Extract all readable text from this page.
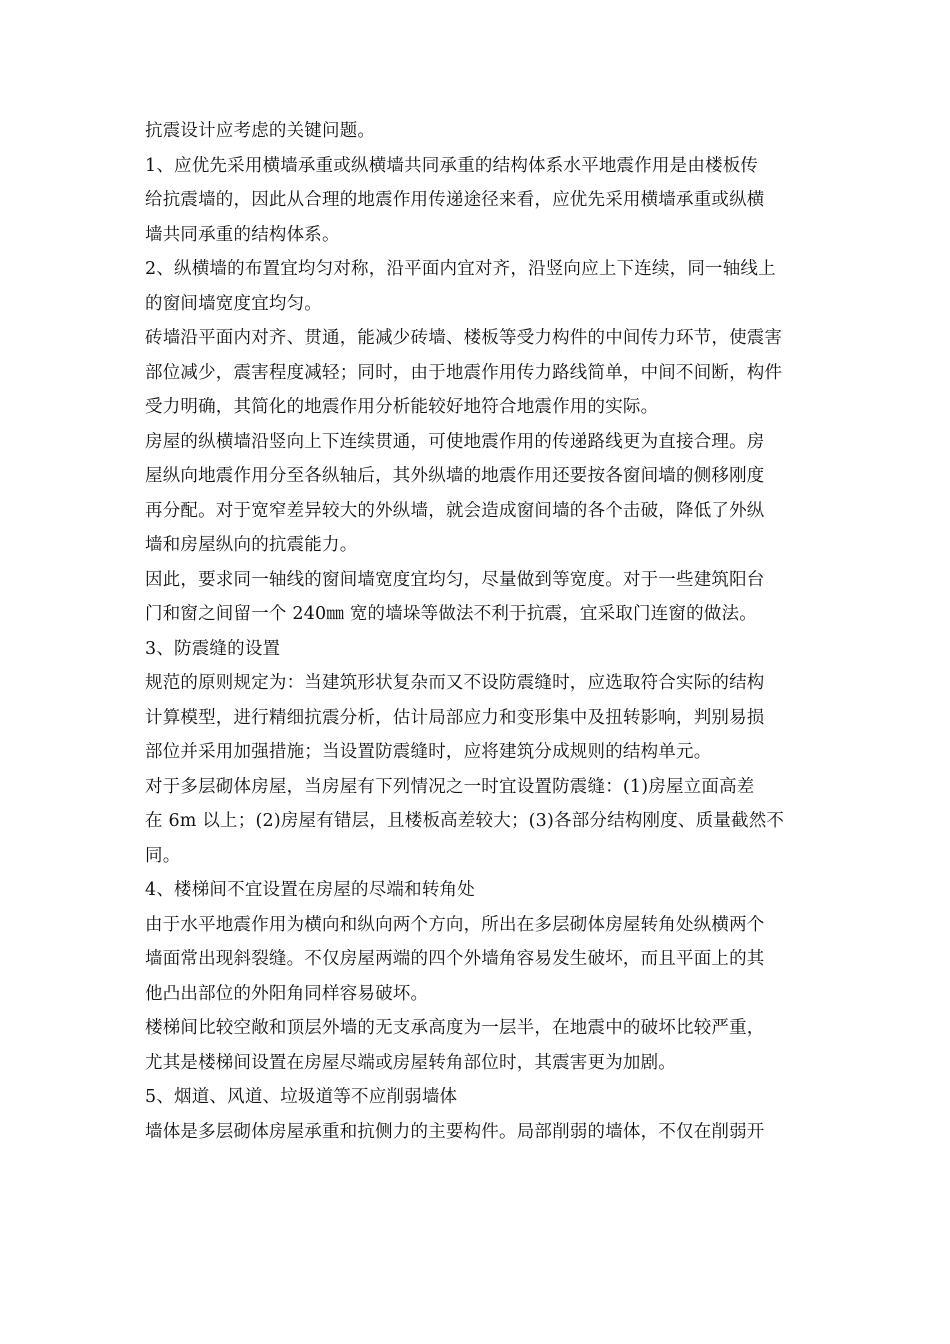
抗震设计应考虑的关键问题。
1、应优先采用横墙承重或纵横墙共同承重的结构体系水平地震作用是由楼板传
给抗震墙的，因此从合理的地震作用传递途径来看，应优先采用横墙承重或纵横
墙共同承重的结构体系。
2、纵横墙的布置宜均匀对称，沿平面内宜对齐，沿竖向应上下连续，同一轴线上
的窗间墙宽度宜均匀。
砖墙沿平面内对齐、贯通，能减少砖墙、楼板等受力构件的中间传力环节，使震害
部位减少，震害程度减轻；同时，由于地震作用传力路线简单，中间不间断，构件
受力明确，其简化的地震作用分析能较好地符合地震作用的实际。
房屋的纵横墙沿竖向上下连续贯通，可使地震作用的传递路线更为直接合理。房
屋纵向地震作用分至各纵轴后，其外纵墙的地震作用还要按各窗间墙的侧移刚度
再分配。对于宽窄差异较大的外纵墙，就会造成窗间墙的各个击破，降低了外纵
墙和房屋纵向的抗震能力。
因此，要求同一轴线的窗间墙宽度宜均匀，尽量做到等宽度。对于一些建筑阳台
门和窗之间留一个 240㎜ 宽的墙垛等做法不利于抗震，宜采取门连窗的做法。
3、防震缝的设置
规范的原则规定为：当建筑形状复杂而又不设防震缝时，应选取符合实际的结构
计算模型，进行精细抗震分析，估计局部应力和变形集中及扭转影响，判别易损
部位并采用加强措施；当设置防震缝时，应将建筑分成规则的结构单元。
对于多层砌体房屋，当房屋有下列情况之一时宜设置防震缝：(1)房屋立面高差
在 6m 以上；(2)房屋有错层，且楼板高差较大；(3)各部分结构刚度、质量截然不
同。
4、楼梯间不宜设置在房屋的尽端和转角处
由于水平地震作用为横向和纵向两个方向，所出在多层砌体房屋转角处纵横两个
墙面常出现斜裂缝。不仅房屋两端的四个外墙角容易发生破坏，而且平面上的其
他凸出部位的外阳角同样容易破坏。
楼梯间比较空敞和顶层外墙的无支承高度为一层半，在地震中的破坏比较严重，
尤其是楼梯间设置在房屋尽端或房屋转角部位时，其震害更为加剧。
5、烟道、风道、垃圾道等不应削弱墙体
墙体是多层砌体房屋承重和抗侧力的主要构件。局部削弱的墙体，不仅在削弱开
